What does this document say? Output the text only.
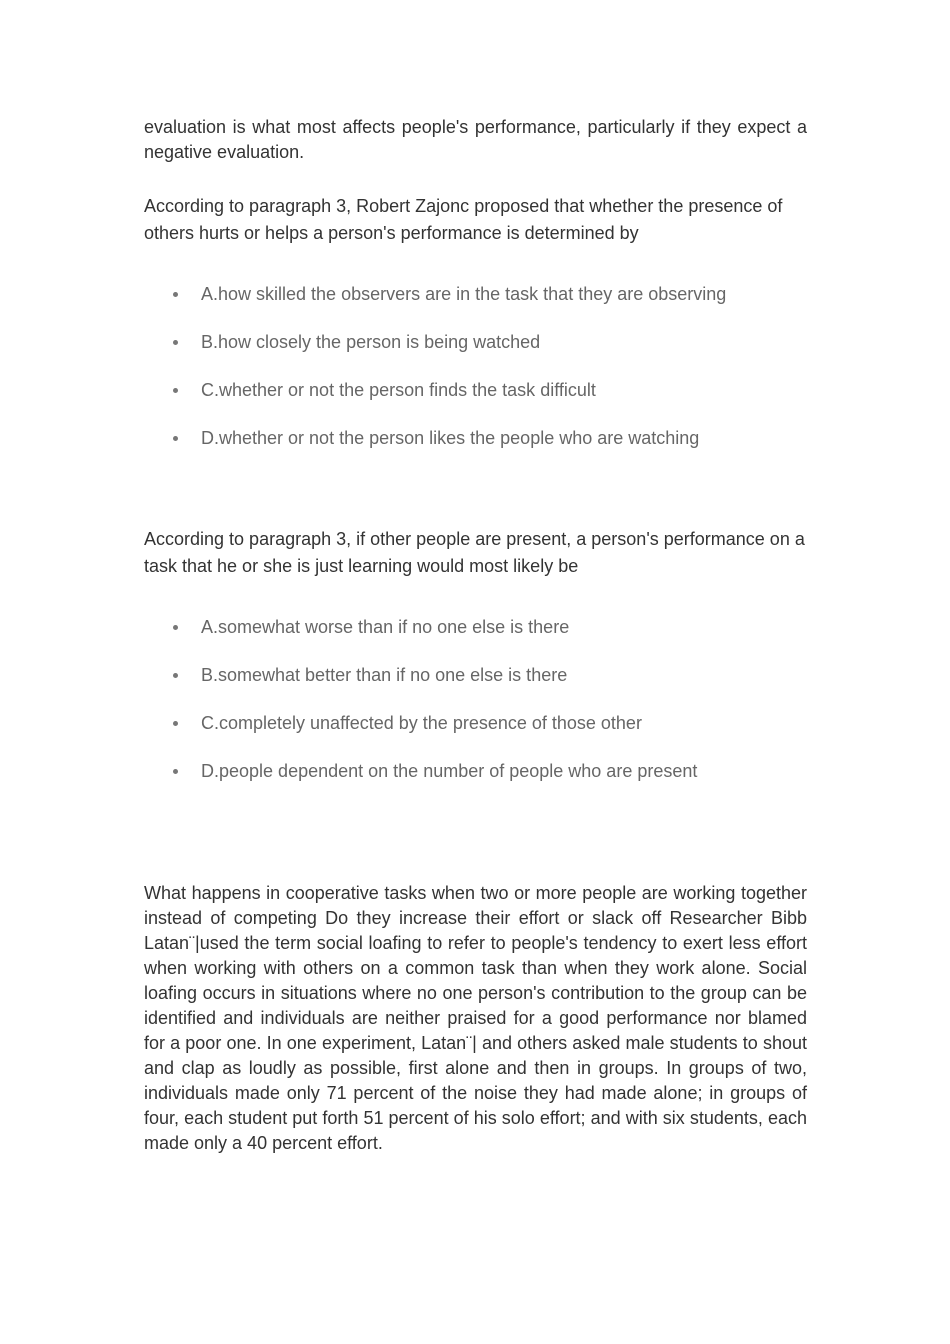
evaluation is what most affects people's performance, particularly if they expect a negative evaluation.

According to paragraph 3, Robert Zajonc proposed that whether the presence of others hurts or helps a person's performance is determined by

A.how skilled the observers are in the task that they are observing
B.how closely the person is being watched
C.whether or not the person finds the task difficult
D.whether or not the person likes the people who are watching

According to paragraph 3, if other people are present, a person's performance on a task that he or she is just learning would most likely be

A.somewhat worse than if no one else is there
B.somewhat better than if no one else is there
C.completely unaffected by the presence of those other
D.people dependent on the number of people who are present

What happens in cooperative tasks when two or more people are working together instead of competing Do they increase their effort or slack off Researcher Bibb Latan¨|used the term social loafing to refer to people's tendency to exert less effort when working with others on a common task than when they work alone. Social loafing occurs in situations where no one person's contribution to the group can be identified and individuals are neither praised for a good performance nor blamed for a poor one. In one experiment, Latan¨| and others asked male students to shout and clap as loudly as possible, first alone and then in groups. In groups of two, individuals made only 71 percent of the noise they had made alone; in groups of four, each student put forth 51 percent of his solo effort; and with six students, each made only a 40 percent effort.
